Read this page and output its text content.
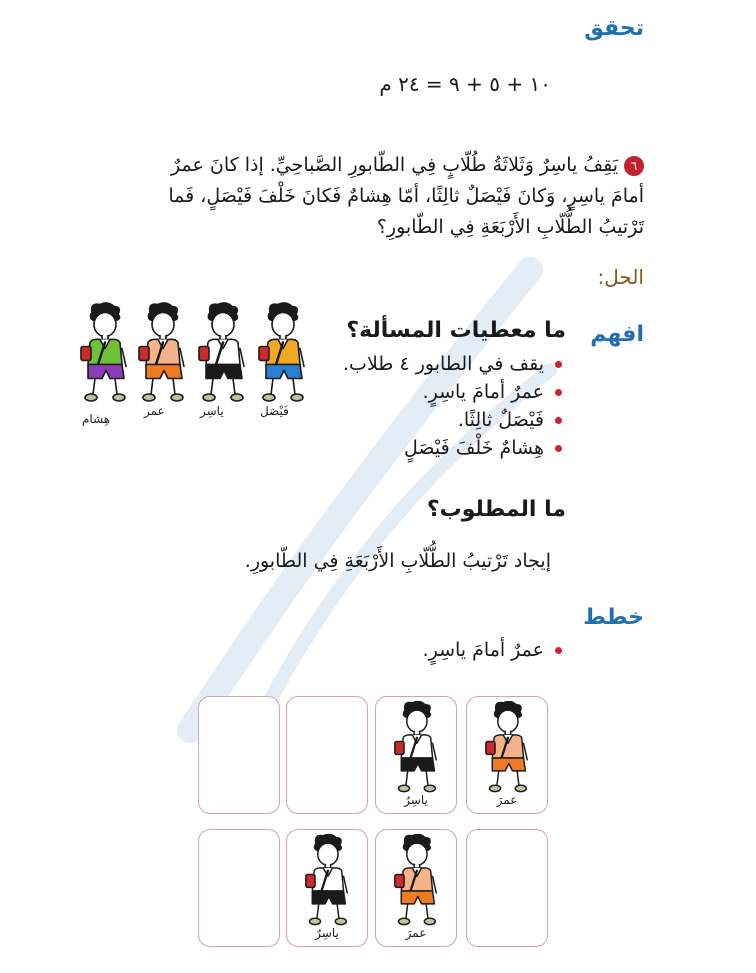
تحقق
١٠ + ٥ + ٩ = ٢٤ م
٦يَقِفُ ياسِرٌ وَثَلاثَةُ طُلّابٍ فِي الطّابورِ الصَّباحِيِّ. إذا كانَ عمرٌ أمامَ ياسِرٍ، وَكانَ فَيْصَلٌ ثالِثًا، أمّا هِشامٌ فَكانَ خَلْفَ فَيْصَلٍ، فَما تَرْتيبُ الطُّلّابِ الأَرْبَعَةِ فِي الطّابورِ؟
الحل:
افهم
ما معطيات المسألة؟
يقف في الطابور ٤ طلاب.
عمرٌ أمامَ ياسِرٍ.
فَيْصَلٌ ثالِثًا.
هِشامٌ خَلْفَ فَيْصَلٍ
هِشام
عمر	ياسِر	فَيْصَل
ما المطلوب؟
إيجاد تَرْتيبُ الطُّلّابِ الأَرْبَعَةِ فِي الطّابورِ.
خطط
عمرٌ أمامَ ياسِرٍ.
ياسِرٌ	عمرَ
ياسِرٌ	عمرَ
